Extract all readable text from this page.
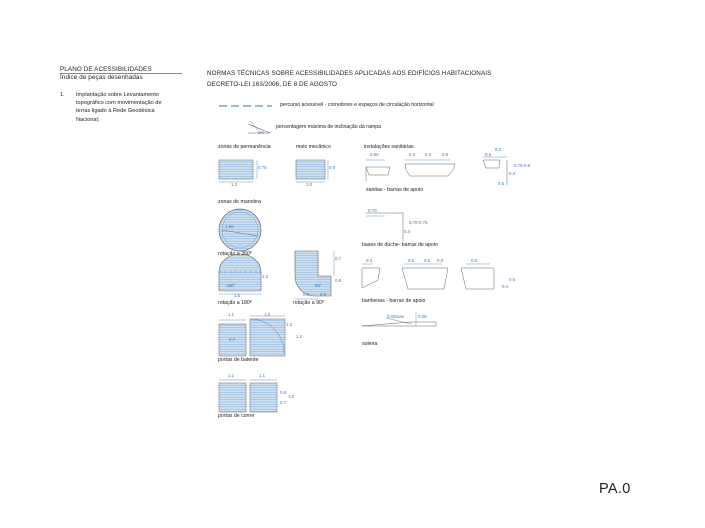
PLANO DE ACESSIBILIDADES
Índice de peças desenhadas
1. Implantação sobre Levantamento
topográfico com movimentação de
terras ligado à Rede Geodésica
Nacional;
NORMAS TÉCNICAS SOBRE ACESSIBILIDADES APLICADAS AOS EDIFÍCIOS HABITACIONAIS
DECRETO-LEI 163/2006, DE 8 DE AGOSTO
percurso acessível - corredores e espaços de circulação horizontal
percentagem máxima de inclinação da rampa
6%
zonas de permanência	meio mecânico	instalações sanitárias
sanitas - barras de apoio
zonas de manobra
bases de duche- barras de apoio
rotação a 360º
rotação a 180º	rotação a 90º	banheiras - barras de apoio
soleira
portas de batente
portas de correr
1.2
0.75
1.0
0.8
1.50
1.5
1.2
180º
0.9 0.6
0.7
0.8
90º
0.80	0.3 0.3 0.8
0.2
0.5
0.4
0.75-0.8
0.5
0.70
0.4
0.70-0.75
0.3	0.6 0.6 0.3	0.6
0.4
0.6
0.02max	0.05
1.1	1.4
1.2
0.7
1.2
1.1	1.1
0.8
0.7
1.0
PA.0
